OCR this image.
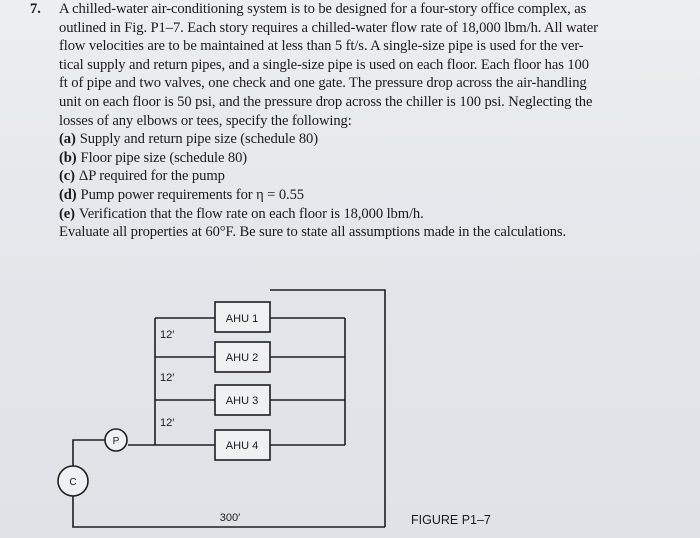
7.	A chilled-water air-conditioning system is to be designed for a four-story office complex, as
outlined in Fig. P1–7. Each story requires a chilled-water flow rate of 18,000 lbm/h. All water
flow velocities are to be maintained at less than 5 ft/s. A single-size pipe is used for the ver-
tical supply and return pipes, and a single-size pipe is used on each floor. Each floor has 100
ft of pipe and two valves, one check and one gate. The pressure drop across the air-handling
unit on each floor is 50 psi, and the pressure drop across the chiller is 100 psi. Neglecting the
losses of any elbows or tees, specify the following:
(a) Supply and return pipe size (schedule 80)
(b) Floor pipe size (schedule 80)
(c) ΔP required for the pump
(d) Pump power requirements for η = 0.55
(e) Verification that the flow rate on each floor is 18,000 lbm/h.
Evaluate all properties at 60°F. Be sure to state all assumptions made in the calculations.
AHU 1
AHU 2
AHU 3
AHU 4
12′
12′
12′
P
C
300′	FIGURE P1–7
